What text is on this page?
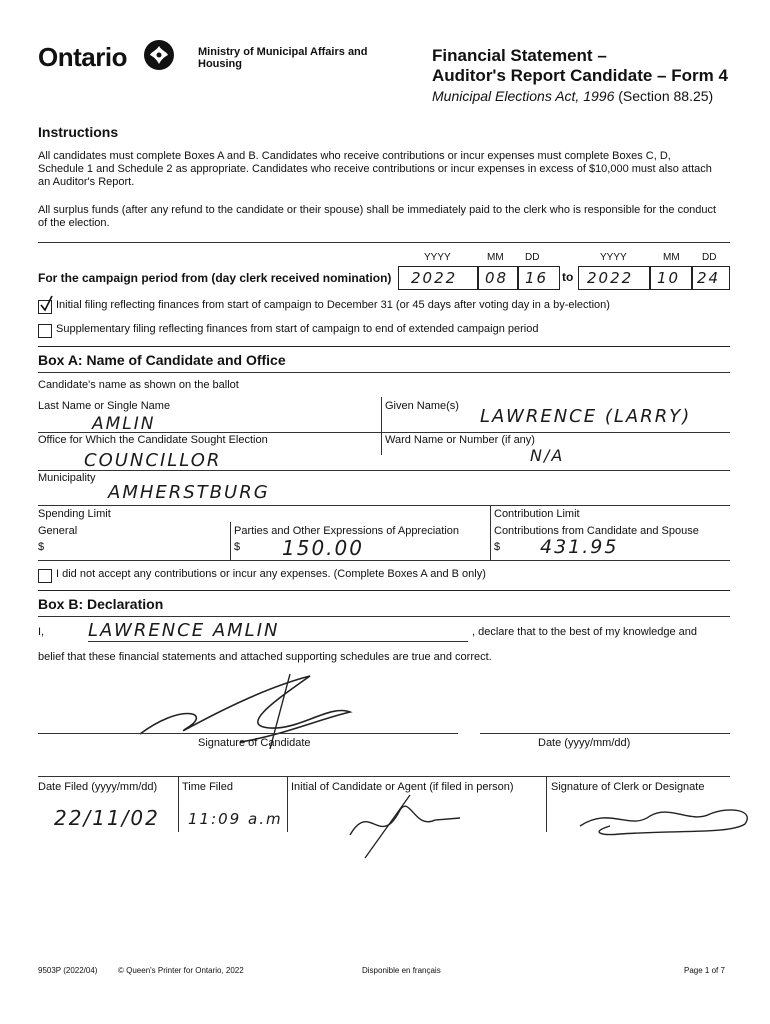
Ontario	Ministry of Municipal Affairs and Housing	Financial Statement –
Auditor's Report Candidate – Form 4
Municipal Elections Act, 1996 (Section 88.25)
Instructions
All candidates must complete Boxes A and B. Candidates who receive contributions or incur expenses must complete Boxes C, D, Schedule 1 and Schedule 2 as appropriate. Candidates who receive contributions or incur expenses in excess of $10,000 must also attach an Auditor's Report.
All surplus funds (after any refund to the candidate or their spouse) shall be immediately paid to the clerk who is responsible for the conduct of the election.
For the campaign period from (day clerk received nomination)
YYYY	MM DD	YYYY	MM DD
2022 08 16 to 2022 10 24
Initial filing reflecting finances from start of campaign to December 31 (or 45 days after voting day in a by-election)
Supplementary filing reflecting finances from start of campaign to end of extended campaign period
Box A: Name of Candidate and Office
Candidate's name as shown on the ballot
Last Name or Single Name
AMLIN
Given Name(s) LAWRENCE (LARRY)
Office for Which the Candidate Sought Election
COUNCILLOR
Ward Name or Number (if any)
N/A
Municipality
AMHERSTBURG
Spending Limit
General
$
Parties and Other Expressions of Appreciation
$ 150.00
Contribution Limit
Contributions from Candidate and Spouse
$ 431.95
I did not accept any contributions or incur any expenses. (Complete Boxes A and B only)
Box B: Declaration
I, LAWRENCE AMLIN	, declare that to the best of my knowledge and
belief that these financial statements and attached supporting schedules are true and correct.
Signature of Candidate	Date (yyyy/mm/dd)
Date Filed (yyyy/mm/dd)
22/11/02
Time Filed
11:09 a.m
Initial of Candidate or Agent (if filed in person)	Signature of Clerk or Designate
9503P (2022/04)	© Queen's Printer for Ontario, 2022	Disponible en français	Page 1 of 7
